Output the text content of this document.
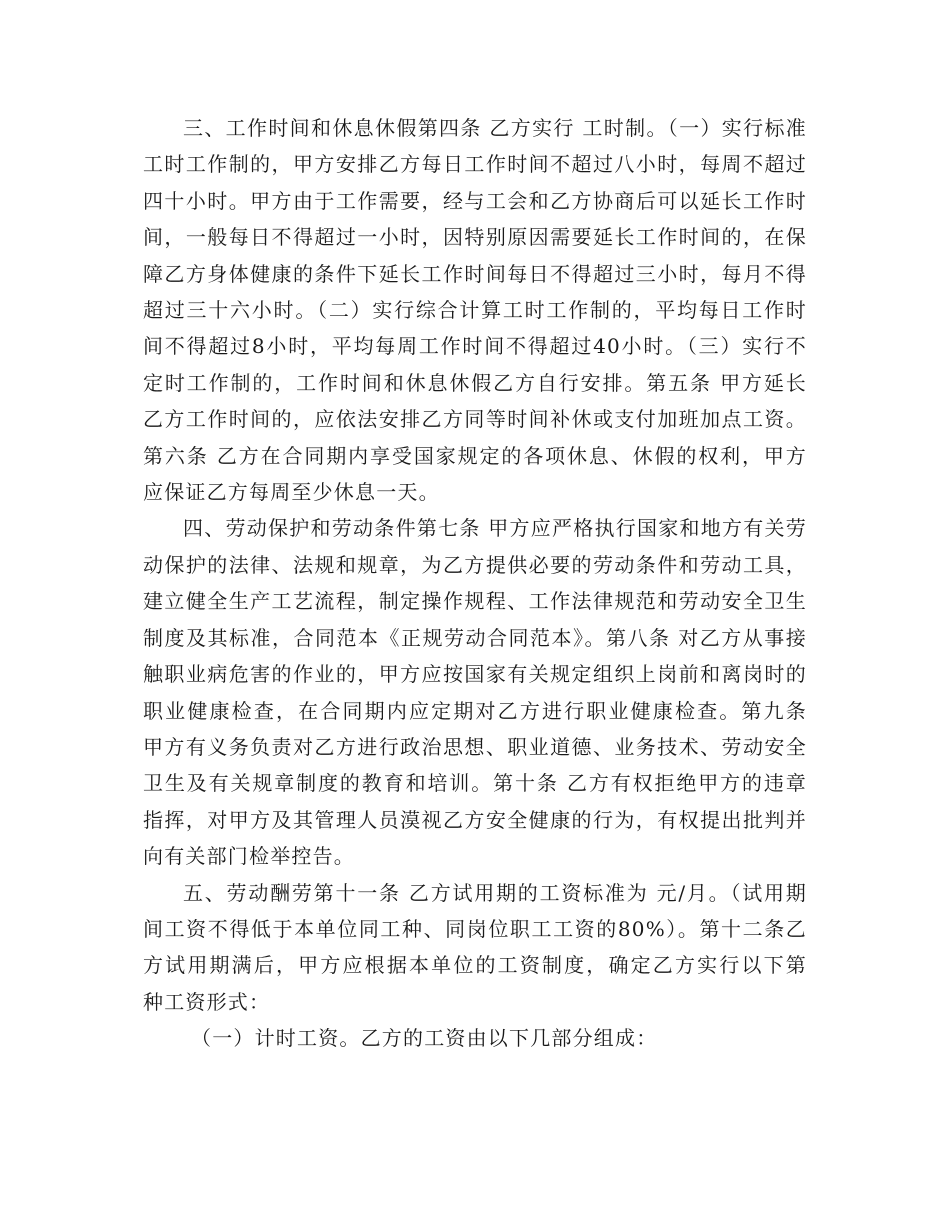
三、工作时间和休息休假第四条 乙方实行 工时制。（一）实行标准工时工作制的，甲方安排乙方每日工作时间不超过八小时，每周不超过四十小时。甲方由于工作需要，经与工会和乙方协商后可以延长工作时间，一般每日不得超过一小时，因特别原因需要延长工作时间的，在保障乙方身体健康的条件下延长工作时间每日不得超过三小时，每月不得超过三十六小时。（二）实行综合计算工时工作制的，平均每日工作时间不得超过8小时，平均每周工作时间不得超过40小时。（三）实行不定时工作制的，工作时间和休息休假乙方自行安排。第五条 甲方延长乙方工作时间的，应依法安排乙方同等时间补休或支付加班加点工资。第六条 乙方在合同期内享受国家规定的各项休息、休假的权利，甲方应保证乙方每周至少休息一天。

四、劳动保护和劳动条件第七条 甲方应严格执行国家和地方有关劳动保护的法律、法规和规章，为乙方提供必要的劳动条件和劳动工具，建立健全生产工艺流程，制定操作规程、工作法律规范和劳动安全卫生制度及其标准，合同范本《正规劳动合同范本》。第八条 对乙方从事接触职业病危害的作业的，甲方应按国家有关规定组织上岗前和离岗时的职业健康检查，在合同期内应定期对乙方进行职业健康检查。第九条 甲方有义务负责对乙方进行政治思想、职业道德、业务技术、劳动安全卫生及有关规章制度的教育和培训。第十条 乙方有权拒绝甲方的违章指挥，对甲方及其管理人员漠视乙方安全健康的行为，有权提出批判并向有关部门检举控告。

五、劳动酬劳第十一条 乙方试用期的工资标准为 元/月。（试用期间工资不得低于本单位同工种、同岗位职工工资的80%）。第十二条乙方试用期满后，甲方应根据本单位的工资制度，确定乙方实行以下第 种工资形式：

（一）计时工资。乙方的工资由以下几部分组成：
